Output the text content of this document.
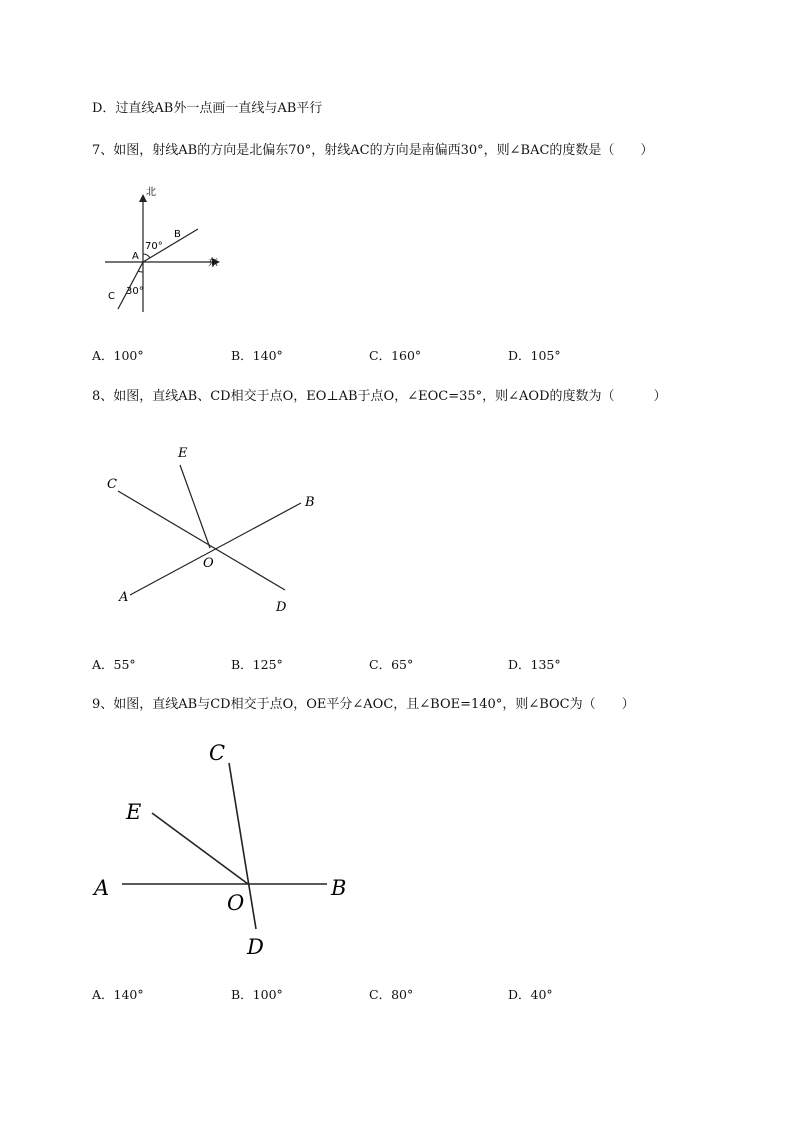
D．过直线AB外一点画一直线与AB平行
7、如图，射线AB的方向是北偏东70°，射线AC的方向是南偏西30°，则∠BAC的度数是（　　）
北
东
A
B
C
70°
30°
A．100°	B．140°	C．160°	D．105°
8、如图，直线AB、CD相交于点O，EO⊥AB于点O，∠EOC=35°，则∠AOD的度数为（　　　）
E
C
B
O
A
D
A．55°	B．125°	C．65°	D．135°
9、如图，直线AB与CD相交于点O，OE平分∠AOC，且∠BOE=140°，则∠BOC为（　　）
C
E
A	B
O
D
A．140°	B．100°	C．80°	D．40°
